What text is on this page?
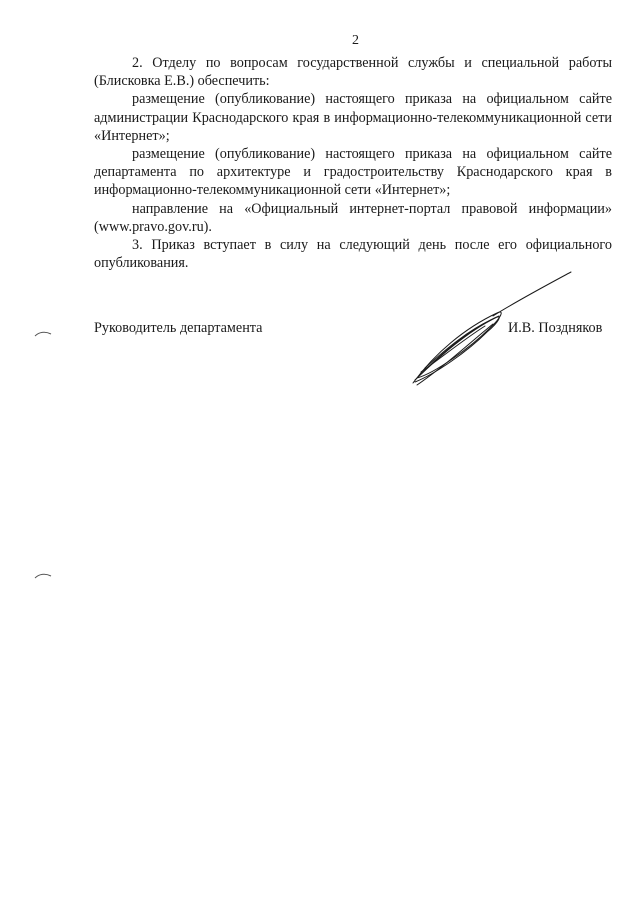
2

2. Отделу по вопросам государственной службы и специальной работы (Блисковка Е.В.) обеспечить:

размещение (опубликование) настоящего приказа на официальном сайте администрации Краснодарского края в информационно-телекоммуникационной сети «Интернет»;

размещение (опубликование) настоящего приказа на официальном сайте департамента по архитектуре и градостроительству Краснодарского края в информационно-телекоммуникационной сети «Интернет»;

направление на «Официальный интернет-портал правовой информации» (www.pravo.gov.ru).

3. Приказ вступает в силу на следующий день после его официального опубликования.

Руководитель департамента	И.В. Поздняков
